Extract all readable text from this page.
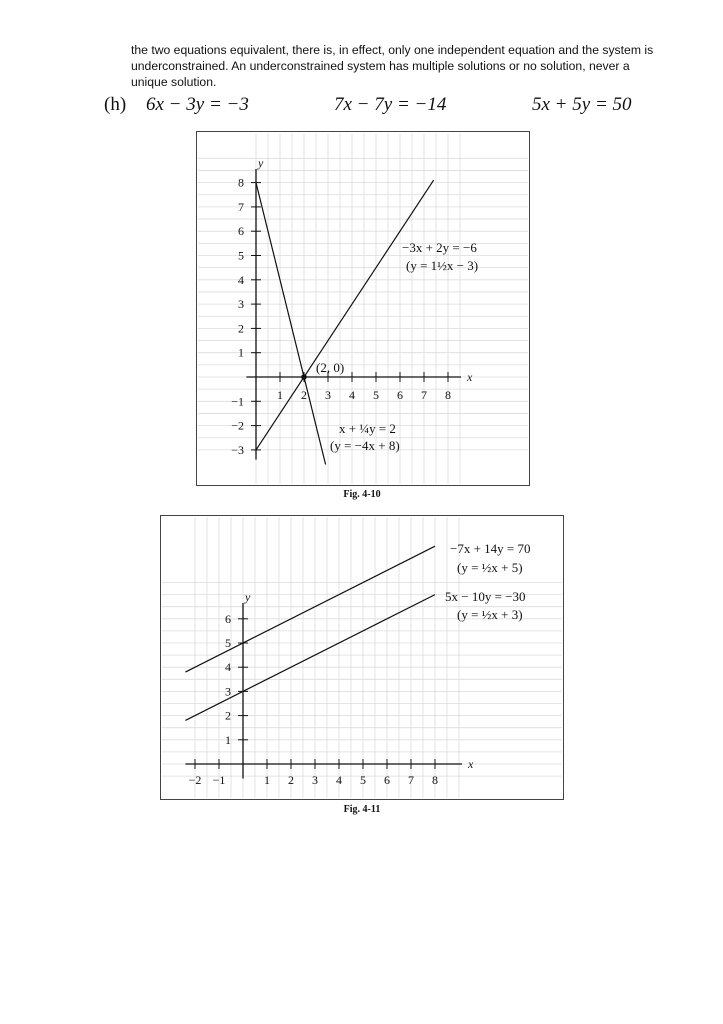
the two equations equivalent, there is, in effect, only one independent equation and the system is
underconstrained. An underconstrained system has multiple solutions or no solution, never a
unique solution.

(h) 6x − 3y = −3	7x − 7y = −14	5x + 5y = 50
x
y
1 2 3 4 5 6 7 8
−3
−2
−1
1
2
3
4
5
6
7
8
−3x + 2y = −6
(y = 1½x − 3)
x + ¼y = 2
(y = −4x + 8)
(2, 0)
Fig. 4-10
x
y
−2 −1	1 2 3 4 5 6 7 8
1
2
3
4
5
6
−7x + 14y = 70
(y = ½x + 5)
5x − 10y = −30
(y = ½x + 3)
Fig. 4-11
